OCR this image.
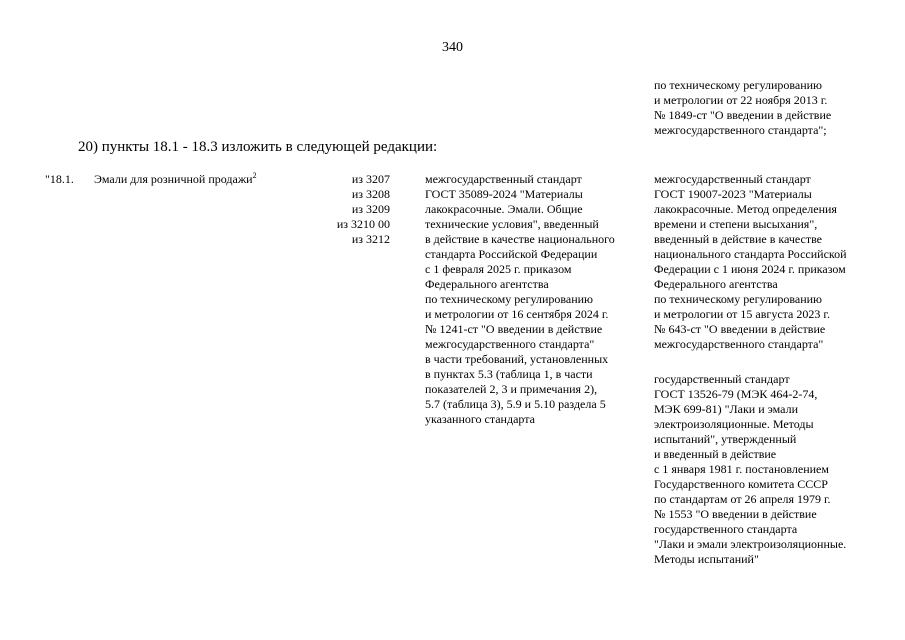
340
по техническому регулированию
и метрологии от 22 ноября 2013 г.
№ 1849-ст "О введении в действие
межгосударственного стандарта";
20) пункты 18.1 - 18.3 изложить в следующей редакции:
"18.1. Эмали для розничной продажи$^2$	из 3207
из 3208
из 3209
из 3210 00
из 3212
межгосударственный стандарт
ГОСТ 35089-2024 "Материалы
лакокрасочные. Эмали. Общие
технические условия", введенный
в действие в качестве национального
стандарта Российской Федерации
с 1 февраля 2025 г. приказом
Федерального агентства
по техническому регулированию
и метрологии от 16 сентября 2024 г.
№ 1241-ст "О введении в действие
межгосударственного стандарта"
в части требований, установленных
в пунктах 5.3 (таблица 1, в части
показателей 2, 3 и примечания 2),
5.7 (таблица 3), 5.9 и 5.10 раздела 5
указанного стандарта
межгосударственный стандарт
ГОСТ 19007-2023 "Материалы
лакокрасочные. Метод определения
времени и степени высыхания",
введенный в действие в качестве
национального стандарта Российской
Федерации с 1 июня 2024 г. приказом
Федерального агентства
по техническому регулированию
и метрологии от 15 августа 2023 г.
№ 643-ст "О введении в действие
межгосударственного стандарта"
государственный стандарт
ГОСТ 13526-79 (МЭК 464-2-74,
МЭК 699-81) "Лаки и эмали
электроизоляционные. Методы
испытаний", утвержденный
и введенный в действие
с 1 января 1981 г. постановлением
Государственного комитета СССР
по стандартам от 26 апреля 1979 г.
№ 1553 "О введении в действие
государственного стандарта
"Лаки и эмали электроизоляционные.
Методы испытаний"
